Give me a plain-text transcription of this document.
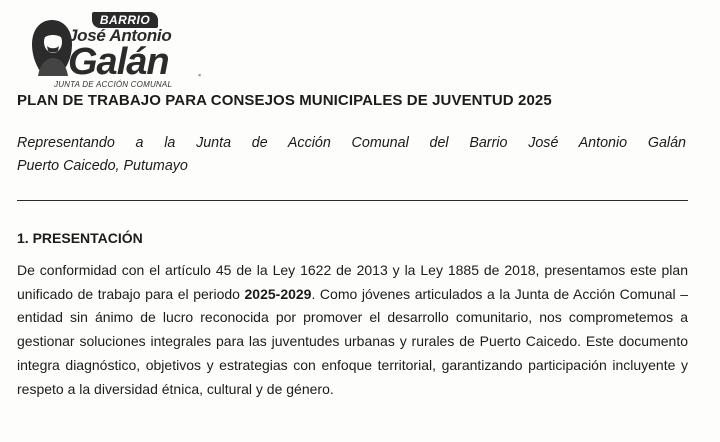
BARRIO
José Antonio
Galán
JUNTA DE ACCIÓN COMUNAL
▪
PLAN DE TRABAJO PARA CONSEJOS MUNICIPALES DE JUVENTUD 2025

Representando a la Junta de Acción Comunal del Barrio José Antonio Galán
Puerto Caicedo, Putumayo

1. PRESENTACIÓN

De conformidad con el artículo 45 de la Ley 1622 de 2013 y la Ley 1885 de 2018, presentamos este plan unificado de trabajo para el periodo 2025-2029. Como jóvenes articulados a la Junta de Acción Comunal –entidad sin ánimo de lucro reconocida por promover el desarrollo comunitario, nos comprometemos a gestionar soluciones integrales para las juventudes urbanas y rurales de Puerto Caicedo. Este documento integra diagnóstico, objetivos y estrategias con enfoque territorial, garantizando participación incluyente y respeto a la diversidad étnica, cultural y de género.
